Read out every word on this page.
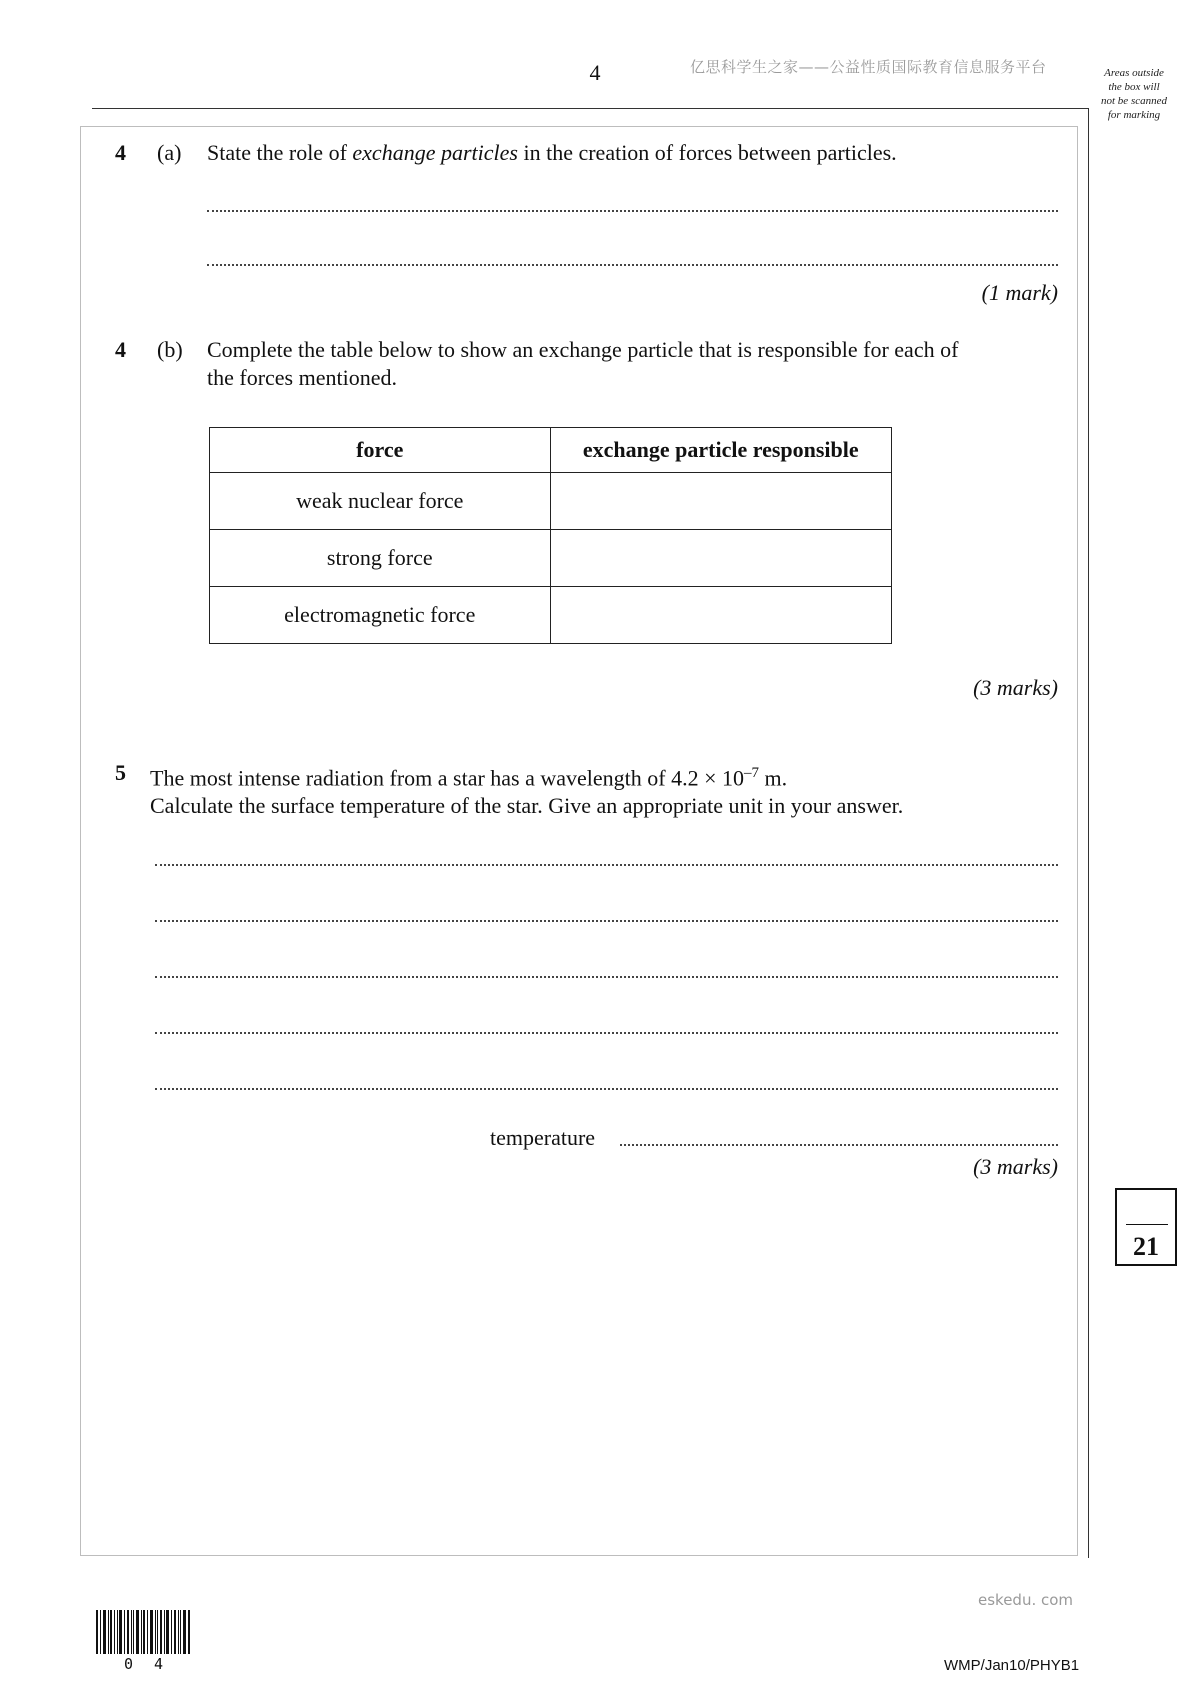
4	亿思科学生之家——公益性质国际教育信息服务平台	Areas outside
the box will
not be scanned
for marking
4 (a) State the role of exchange particles in the creation of forces between particles.
(1 mark)
4 (b) Complete the table below to show an exchange particle that is responsible for each of
the forces mentioned.
force	exchange particle responsible
weak nuclear force	
strong force	
electromagnetic force	
(3 marks)
5 The most intense radiation from a star has a wavelength of $4.2 \times 10^{-7}$ m.
Calculate the surface temperature of the star. Give an appropriate unit in your answer.
temperature
(3 marks)
21
eskedu. com
0 4	WMP/Jan10/PHYB1
